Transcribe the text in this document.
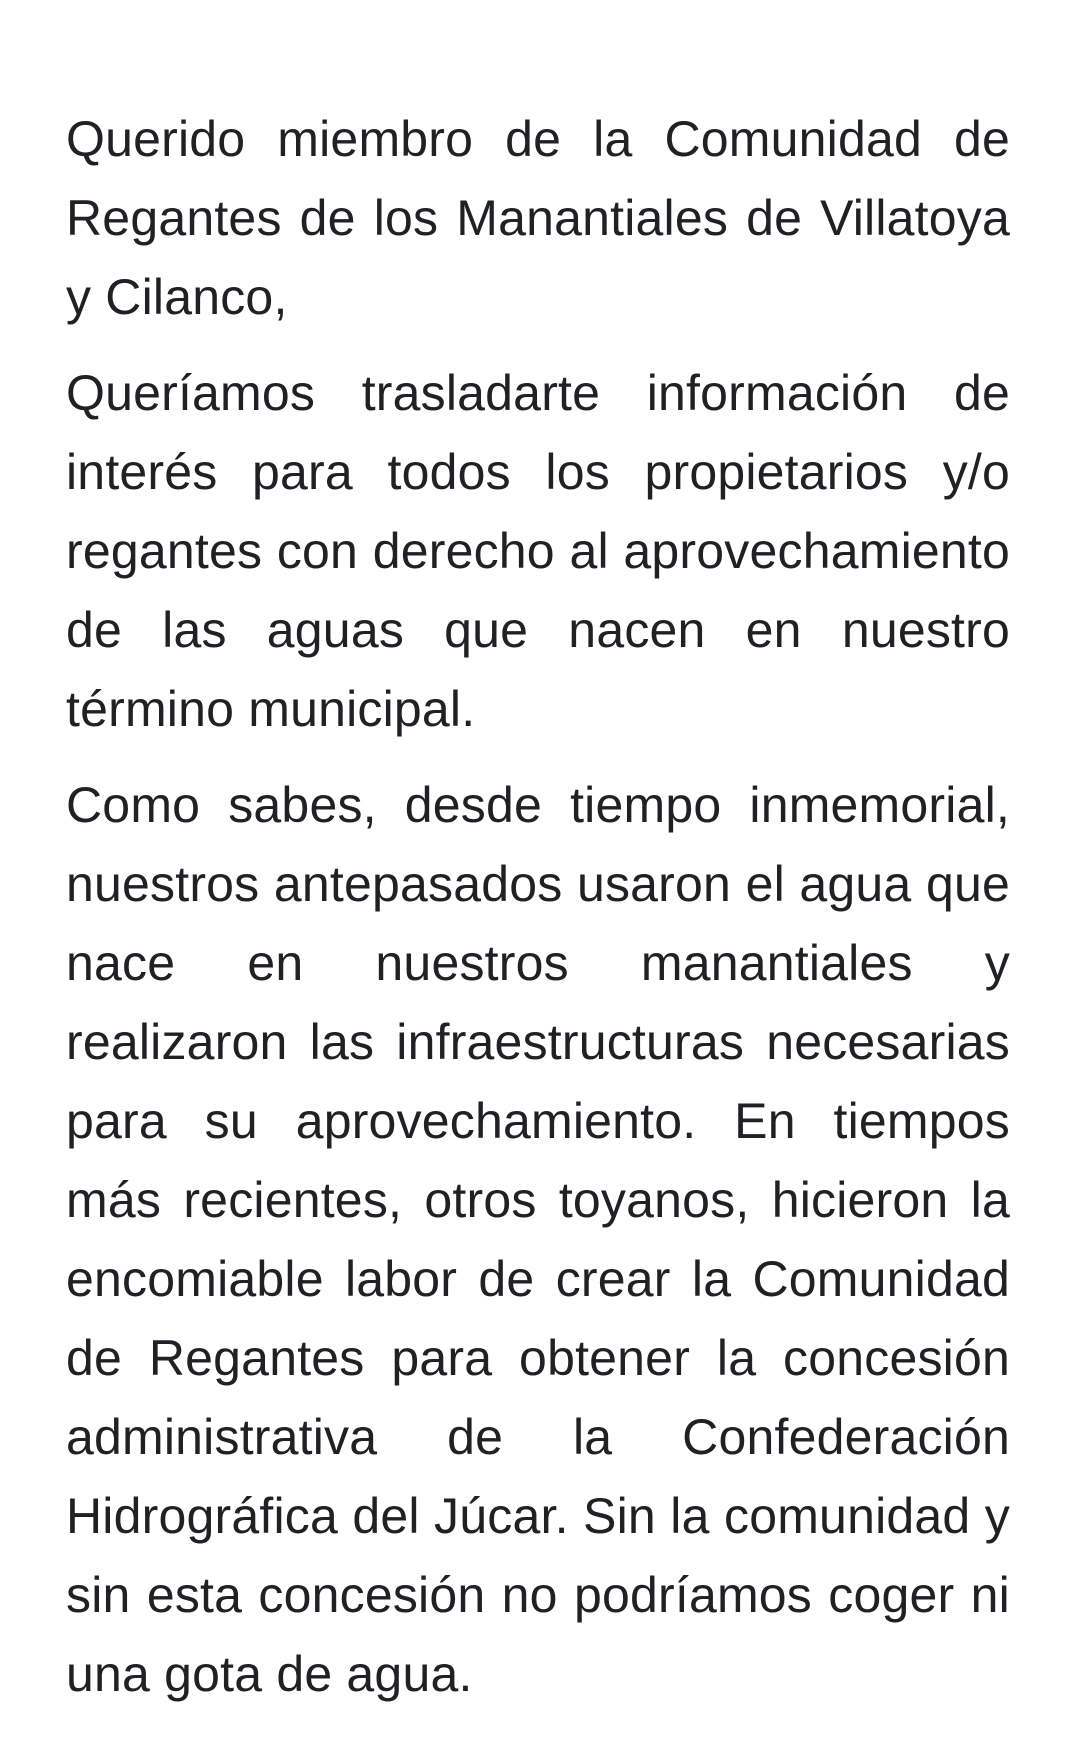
Querido miembro de la Comunidad de Regantes de los Manantiales de Villatoya y Cilanco,

Queríamos trasladarte información de interés para todos los propietarios y/o regantes con derecho al aprovechamiento de las aguas que nacen en nuestro término municipal.

Como sabes, desde tiempo inmemorial, nuestros antepasados usaron el agua que nace en nuestros manantiales y realizaron las infraestructuras necesarias para su aprovechamiento. En tiempos más recientes, otros toyanos, hicieron la encomiable labor de crear la Comunidad de Regantes para obtener la concesión administrativa de la Confederación Hidrográfica del Júcar. Sin la comunidad y sin esta concesión no podríamos coger ni una gota de agua.
